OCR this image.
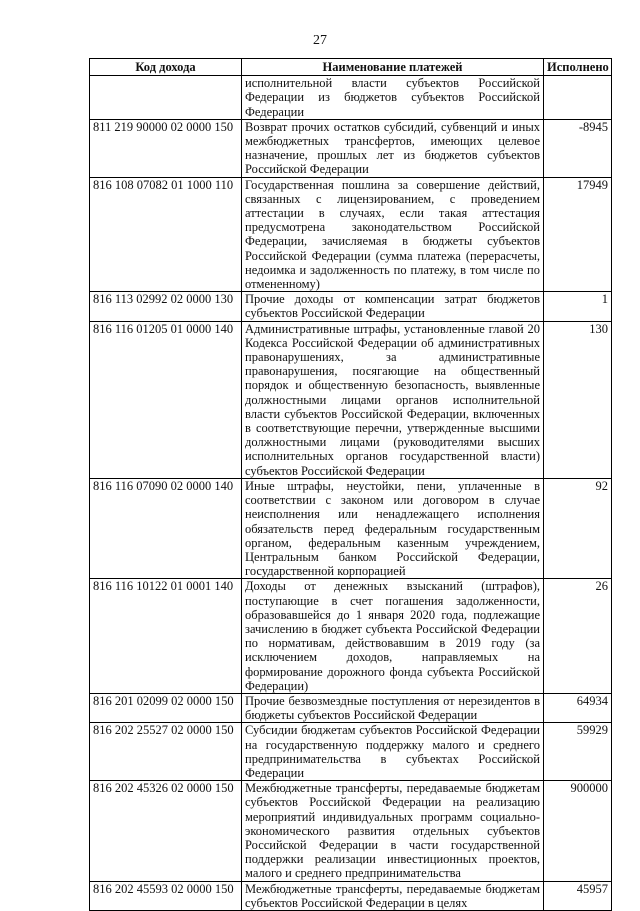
27
Код дохода	Наименование платежей	Исполнено
	исполнительной власти субъектов Российской Федерации из бюджетов субъектов Российской Федерации	
811 219 90000 02 0000 150	Возврат прочих остатков субсидий, субвенций и иных межбюджетных трансфертов, имеющих целевое назначение, прошлых лет из бюджетов субъектов Российской Федерации	-8945
816 108 07082 01 1000 110	Государственная пошлина за совершение действий, связанных с лицензированием, с проведением аттестации в случаях, если такая аттестация предусмотрена законодательством Российской Федерации, зачисляемая в бюджеты субъектов Российской Федерации (сумма платежа (перерасчеты, недоимка и задолженность по платежу, в том числе по отмененному)	17949
816 113 02992 02 0000 130	Прочие доходы от компенсации затрат бюджетов субъектов Российской Федерации	1
816 116 01205 01 0000 140	Административные штрафы, установленные главой 20 Кодекса Российской Федерации об административных правонарушениях, за административные правонарушения, посягающие на общественный порядок и общественную безопасность, выявленные должностными лицами органов исполнительной власти субъектов Российской Федерации, включенных в соответствующие перечни, утвержденные высшими должностными лицами (руководителями высших исполнительных органов государственной власти) субъектов Российской Федерации	130
816 116 07090 02 0000 140	Иные штрафы, неустойки, пени, уплаченные в соответствии с законом или договором в случае неисполнения или ненадлежащего исполнения обязательств перед федеральным государственным органом, федеральным казенным учреждением, Центральным банком Российской Федерации, государственной корпорацией	92
816 116 10122 01 0001 140	Доходы от денежных взысканий (штрафов), поступающие в счет погашения задолженности, образовавшейся до 1 января 2020 года, подлежащие зачислению в бюджет субъекта Российской Федерации по нормативам, действовавшим в 2019 году (за исключением доходов, направляемых на формирование дорожного фонда субъекта Российской Федерации)	26
816 201 02099 02 0000 150	Прочие безвозмездные поступления от нерезидентов в бюджеты субъектов Российской Федерации	64934
816 202 25527 02 0000 150	Субсидии бюджетам субъектов Российской Федерации на государственную поддержку малого и среднего предпринимательства в субъектах Российской Федерации	59929
816 202 45326 02 0000 150	Межбюджетные трансферты, передаваемые бюджетам субъектов Российской Федерации на реализацию мероприятий индивидуальных программ социально-экономического развития отдельных субъектов Российской Федерации в части государственной поддержки реализации инвестиционных проектов, малого и среднего предпринимательства	900000
816 202 45593 02 0000 150	Межбюджетные трансферты, передаваемые бюджетам субъектов Российской Федерации в целях	45957
